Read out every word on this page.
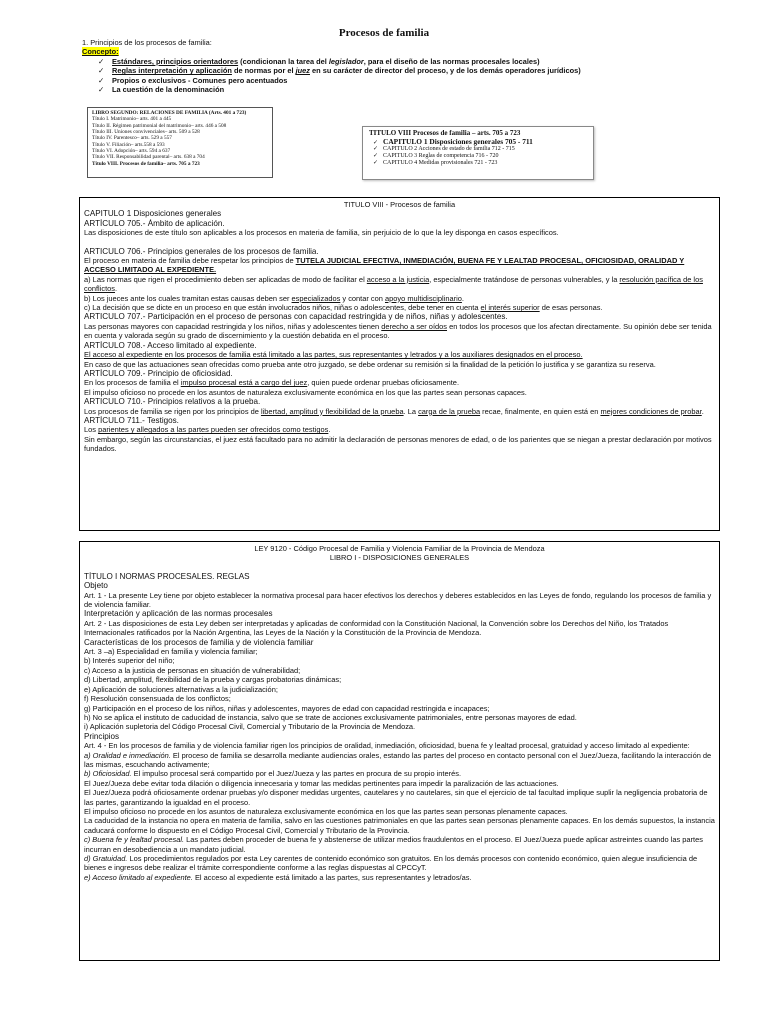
Procesos de familia
1. Principios de los procesos de familia:
Concepto:
✓ Estándares, principios orientadores (condicionan la tarea del legislador, para el diseño de las normas procesales locales)
✓ Reglas interpretación y aplicación de normas por el juez en su carácter de director del proceso, y de los demás operadores jurídicos)
✓ Propios o exclusivos - Comunes pero acentuados
✓ La cuestión de la denominación
LIBRO SEGUNDO: RELACIONES DE FAMILIA (Arts. 401 a 723)
Título I. Matrimonio– arts. 401 a 445
Título II. Régimen patrimonial del matrimonio– arts. 446 a 508
Título III. Uniones convivenciales– arts. 509 a 528
Título IV. Parentesco– arts. 529 a 557
Título V. Filiación– arts.558 a 593
Título VI. Adopción– arts. 594 a 637
Título VII. Responsabilidad parental– arts. 638 a 704
Título VIII. Procesos de familia– arts. 705 a 723
TITULO VIII Procesos de familia – arts. 705 a 723
✓ CAPITULO 1 Disposiciones generales 705 - 711
✓ CAPITULO 2 Acciones de estado de familia 712 - 715
✓ CAPITULO 3 Reglas de competencia 716 - 720
✓ CAPITULO 4 Medidas provisionales 721 - 723
TITULO VIII - Procesos de familia
CAPITULO 1 Disposiciones generales
ARTÍCULO 705.- Ámbito de aplicación.
Las disposiciones de este título son aplicables a los procesos en materia de familia, sin perjuicio de lo que la ley disponga en casos específicos.
ARTICULO 706.- Principios generales de los procesos de familia.
El proceso en materia de familia debe respetar los principios de TUTELA JUDICIAL EFECTIVA, INMEDIACIÓN, BUENA FE Y LEALTAD PROCESAL, OFICIOSIDAD, ORALIDAD Y ACCESO LIMITADO AL EXPEDIENTE.
a) Las normas que rigen el procedimiento deben ser aplicadas de modo de facilitar el acceso a la justicia, especialmente tratándose de personas vulnerables, y la resolución pacífica de los conflictos.
b) Los jueces ante los cuales tramitan estas causas deben ser especializados y contar con apoyo multidisciplinario.
c) La decisión que se dicte en un proceso en que están involucrados niños, niñas o adolescentes, debe tener en cuenta el interés superior de esas personas.
ARTICULO 707.- Participación en el proceso de personas con capacidad restringida y de niños, niñas y adolescentes.
Las personas mayores con capacidad restringida y los niños, niñas y adolescentes tienen derecho a ser oídos en todos los procesos que los afectan directamente. Su opinión debe ser tenida en cuenta y valorada según su grado de discernimiento y la cuestión debatida en el proceso.
ARTÍCULO 708.- Acceso limitado al expediente.
El acceso al expediente en los procesos de familia está limitado a las partes, sus representantes y letrados y a los auxiliares designados en el proceso.
En caso de que las actuaciones sean ofrecidas como prueba ante otro juzgado, se debe ordenar su remisión si la finalidad de la petición lo justifica y se garantiza su reserva.
ARTÍCULO 709.- Principio de oficiosidad.
En los procesos de familia el impulso procesal está a cargo del juez, quien puede ordenar pruebas oficiosamente.
El impulso oficioso no procede en los asuntos de naturaleza exclusivamente económica en los que las partes sean personas capaces.
ARTICULO 710.- Principios relativos a la prueba.
Los procesos de familia se rigen por los principios de libertad, amplitud y flexibilidad de la prueba. La carga de la prueba recae, finalmente, en quien está en mejores condiciones de probar.
ARTÍCULO 711.- Testigos.
Los parientes y allegados a las partes pueden ser ofrecidos como testigos.
Sin embargo, según las circunstancias, el juez está facultado para no admitir la declaración de personas menores de edad, o de los parientes que se niegan a prestar declaración por motivos fundados.
LEY 9120 - Código Procesal de Familia y Violencia Familiar de la Provincia de Mendoza
LIBRO I - DISPOSICIONES GENERALES
TÍTULO I NORMAS PROCESALES. REGLAS
Objeto
Art. 1 - La presente Ley tiene por objeto establecer la normativa procesal para hacer efectivos los derechos y deberes establecidos en las Leyes de fondo, regulando los procesos de familia y de violencia familiar.
Interpretación y aplicación de las normas procesales
Art. 2 - Las disposiciones de esta Ley deben ser interpretadas y aplicadas de conformidad con la Constitución Nacional, la Convención sobre los Derechos del Niño, los Tratados Internacionales ratificados por la Nación Argentina, las Leyes de la Nación y la Constitución de la Provincia de Mendoza.
Características de los procesos de familia y de violencia familiar
Art. 3 –a) Especialidad en familia y violencia familiar;
b) Interés superior del niño;
c) Acceso a la justicia de personas en situación de vulnerabilidad;
d) Libertad, amplitud, flexibilidad de la prueba y cargas probatorias dinámicas;
e) Aplicación de soluciones alternativas a la judicialización;
f) Resolución consensuada de los conflictos;
g) Participación en el proceso de los niños, niñas y adolescentes, mayores de edad con capacidad restringida e incapaces;
h) No se aplica el instituto de caducidad de instancia, salvo que se trate de acciones exclusivamente patrimoniales, entre personas mayores de edad.
i) Aplicación supletoria del Código Procesal Civil, Comercial y Tributario de la Provincia de Mendoza.
Principios
Art. 4 - En los procesos de familia y de violencia familiar rigen los principios de oralidad, inmediación, oficiosidad, buena fe y lealtad procesal, gratuidad y acceso limitado al expediente:
a) Oralidad e inmediación. El proceso de familia se desarrolla mediante audiencias orales, estando las partes del proceso en contacto personal con el Juez/Jueza, facilitando la interacción de las mismas, escuchando activamente;
b) Oficiosidad. El impulso procesal será compartido por el Juez/Jueza y las partes en procura de su propio interés.
El Juez/Jueza debe evitar toda dilación o diligencia innecesaria y tomar las medidas pertinentes para impedir la paralización de las actuaciones.
El Juez/Jueza podrá oficiosamente ordenar pruebas y/o disponer medidas urgentes, cautelares y no cautelares, sin que el ejercicio de tal facultad implique suplir la negligencia probatoria de las partes, garantizando la igualdad en el proceso.
El impulso oficioso no procede en los asuntos de naturaleza exclusivamente económica en los que las partes sean personas plenamente capaces.
La caducidad de la instancia no opera en materia de familia, salvo en las cuestiones patrimoniales en que las partes sean personas plenamente capaces. En los demás supuestos, la instancia caducará conforme lo dispuesto en el Código Procesal Civil, Comercial y Tributario de la Provincia.
c) Buena fe y lealtad procesal. Las partes deben proceder de buena fe y abstenerse de utilizar medios fraudulentos en el proceso. El Juez/Jueza puede aplicar astreintes cuando las partes incurran en desobediencia a un mandato judicial.
d) Gratuidad. Los procedimientos regulados por esta Ley carentes de contenido económico son gratuitos. En los demás procesos con contenido económico, quien alegue insuficiencia de bienes e ingresos debe realizar el trámite correspondiente conforme a las reglas dispuestas al CPCCyT.
e) Acceso limitado al expediente. El acceso al expediente está limitado a las partes, sus representantes y letrados/as.
